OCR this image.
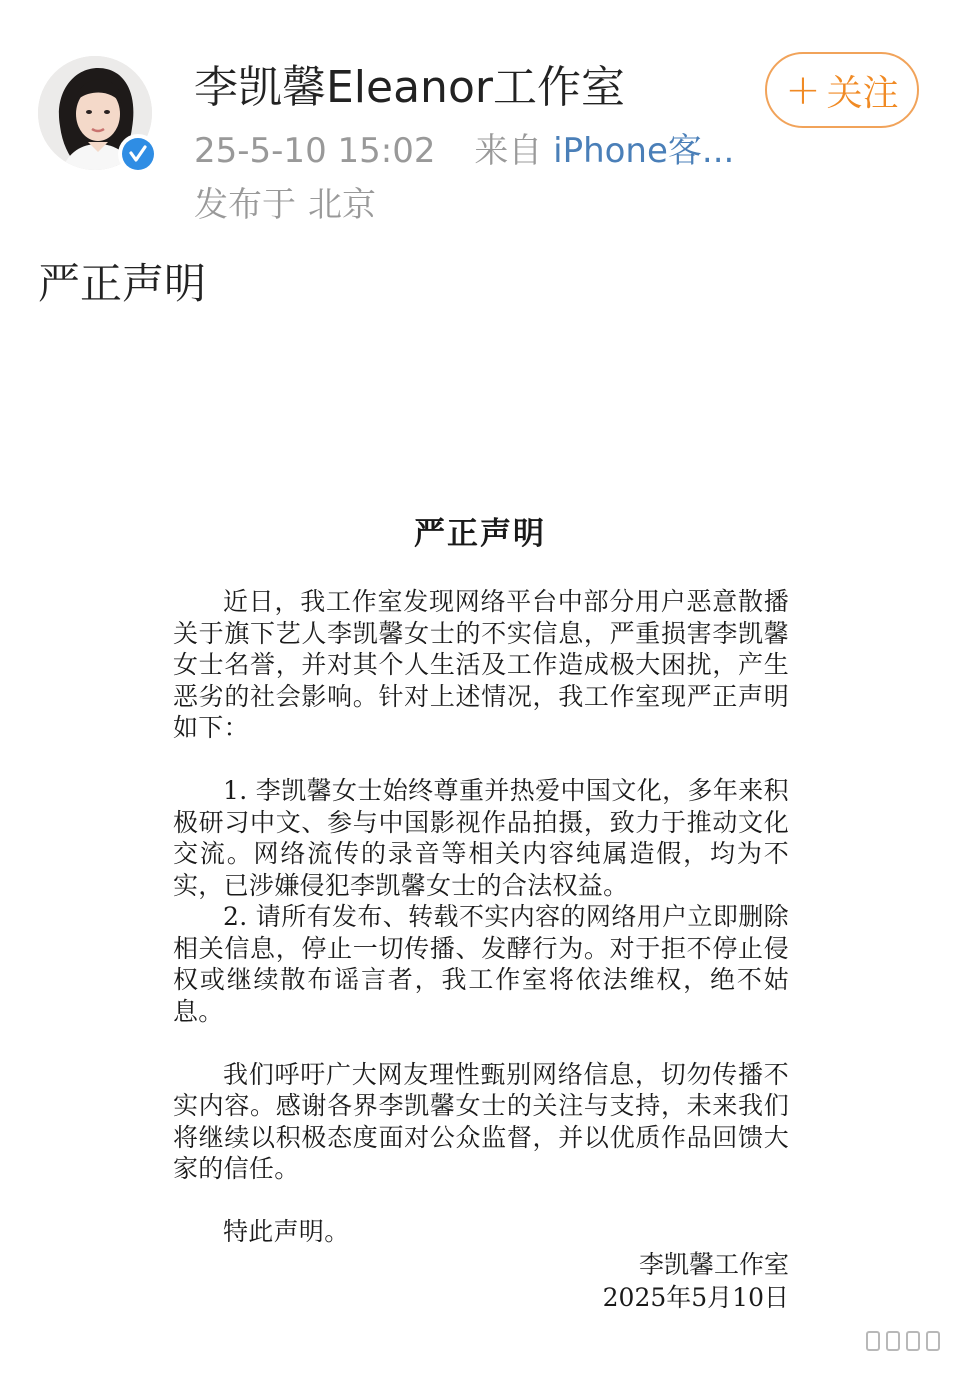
李凯馨Eleanor工作室
25-5-10 15:02 来自 iPhone客...
发布于 北京
+ 关注
严正声明
严正声明

近日，我工作室发现网络平台中部分用户恶意散播关于旗下艺人李凯馨女士的不实信息，严重损害李凯馨女士名誉，并对其个人生活及工作造成极大困扰，产生恶劣的社会影响。针对上述情况，我工作室现严正声明如下：

1. 李凯馨女士始终尊重并热爱中国文化，多年来积极研习中文、参与中国影视作品拍摄，致力于推动文化交流。网络流传的录音等相关内容纯属造假，均为不实，已涉嫌侵犯李凯馨女士的合法权益。

2. 请所有发布、转载不实内容的网络用户立即删除相关信息，停止一切传播、发酵行为。对于拒不停止侵权或继续散布谣言者，我工作室将依法维权，绝不姑息。

我们呼吁广大网友理性甄别网络信息，切勿传播不实内容。感谢各界李凯馨女士的关注与支持，未来我们将继续以积极态度面对公众监督，并以优质作品回馈大家的信任。

特此声明。

李凯馨工作室
2025年5月10日
